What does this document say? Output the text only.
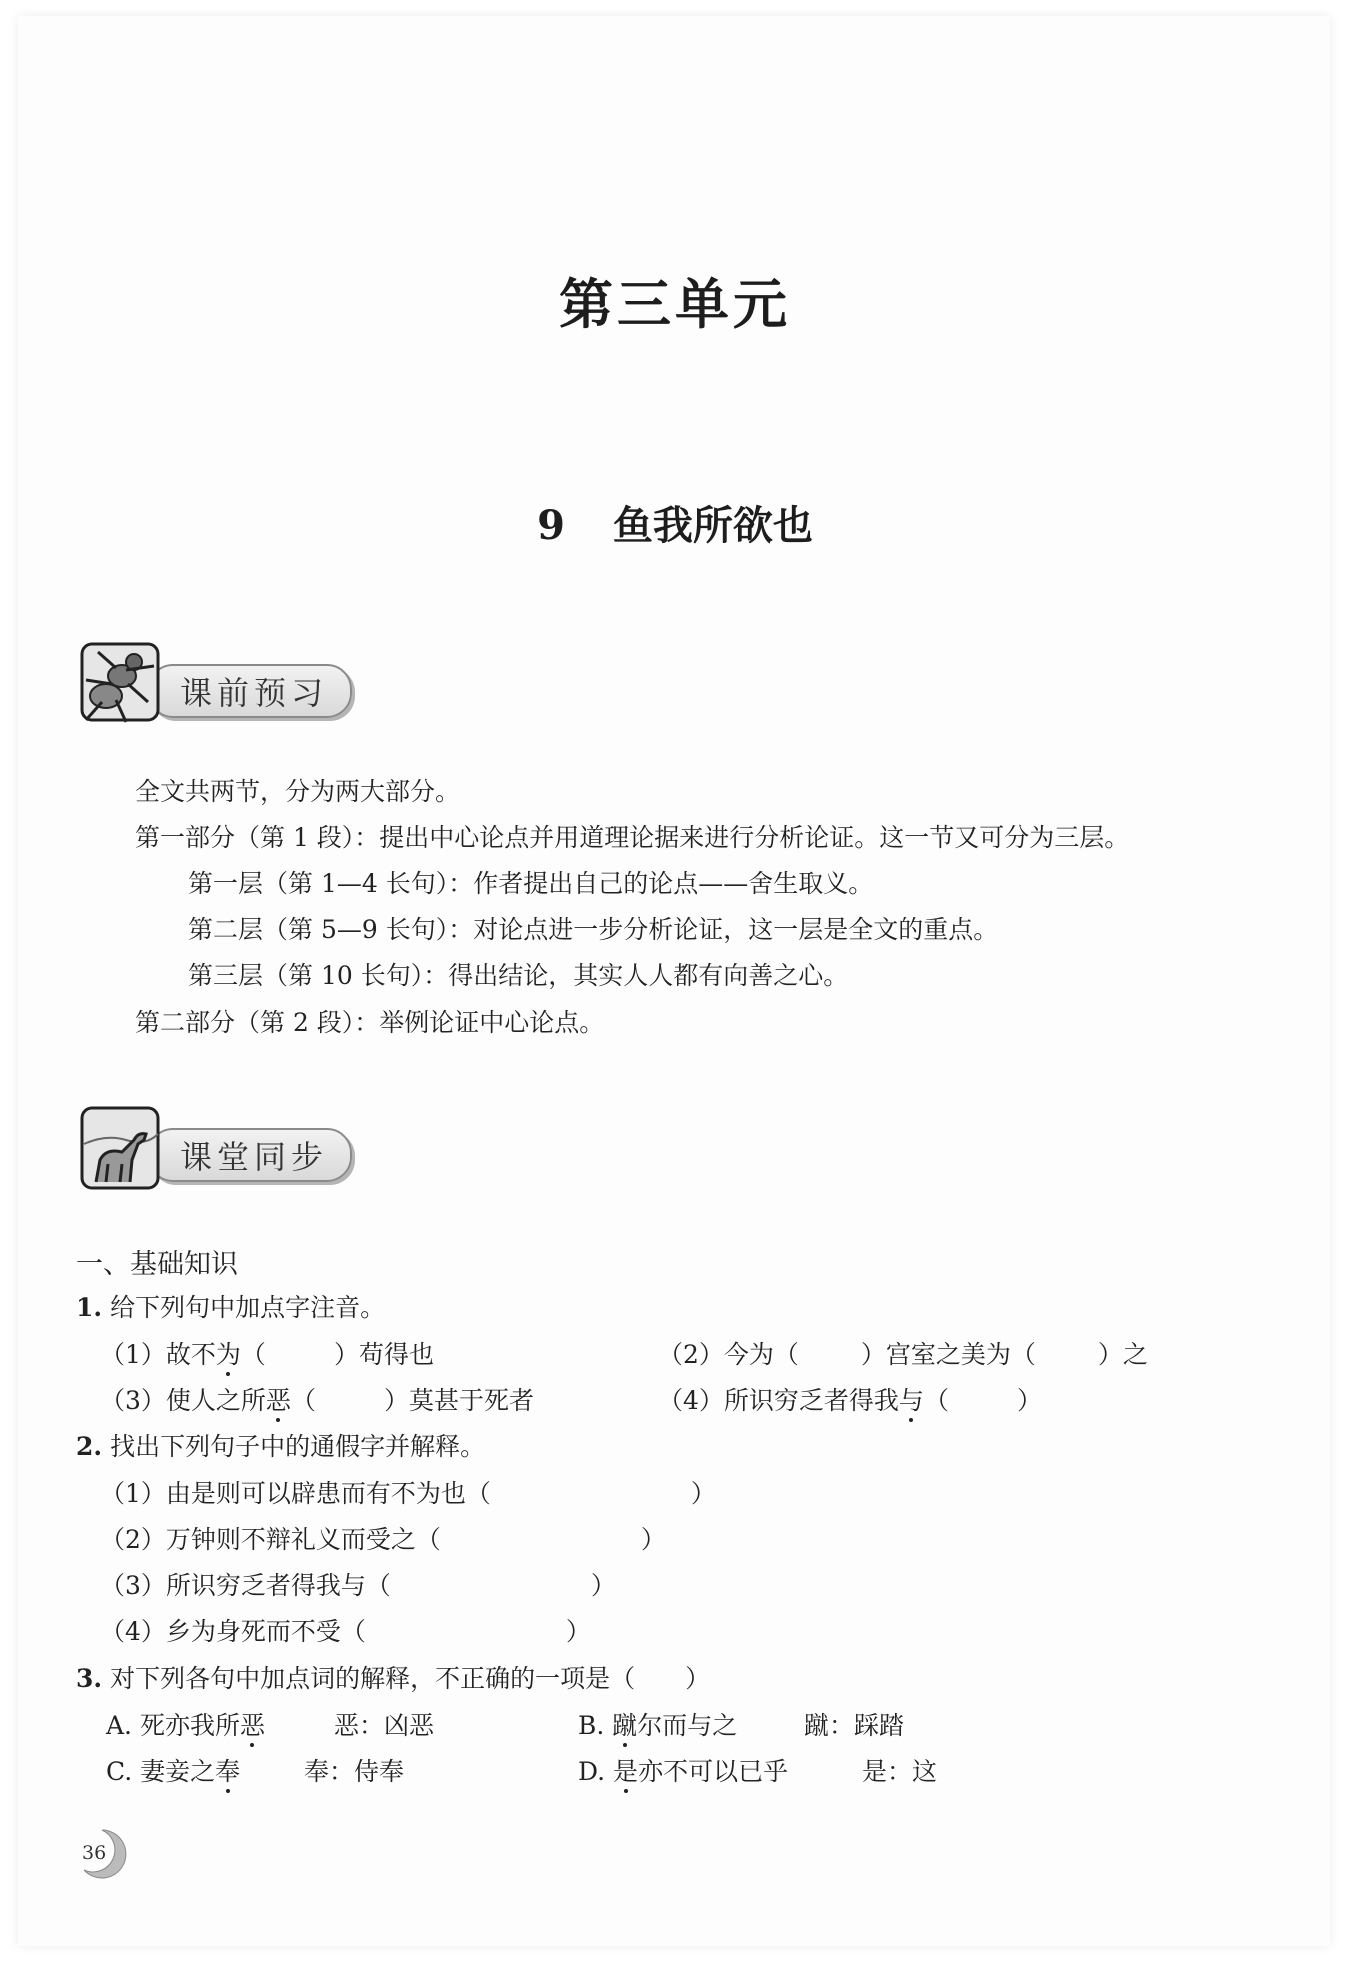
第三单元
9 鱼我所欲也
课前预习
全文共两节，分为两大部分。
第一部分（第 1 段）：提出中心论点并用道理论据来进行分析论证。这一节又可分为三层。
第一层（第 1—4 长句）：作者提出自己的论点——舍生取义。
第二层（第 5—9 长句）：对论点进一步分析论证，这一层是全文的重点。
第三层（第 10 长句）：得出结论，其实人人都有向善之心。
第二部分（第 2 段）：举例论证中心论点。
课堂同步
一、基础知识
1. 给下列句中加点字注音。
（1）故不为（	）苟得也	（2）今为（ ）宫室之美为（ ）之
（3）使人之所恶（	）莫甚于死者	（4）所识穷乏者得我与（	）
2. 找出下列句子中的通假字并解释。
（1）由是则可以辟患而有不为也（	）
（2）万钟则不辩礼义而受之（	）
（3）所识穷乏者得我与（	）
（4）乡为身死而不受（	）
3. 对下列各句中加点词的解释，不正确的一项是（　　）
A. 死亦我所恶	恶：凶恶	B. 蹴尔而与之	蹴：踩踏
C. 妻妾之奉	奉：侍奉	D. 是亦不可以已乎	是：这
36
